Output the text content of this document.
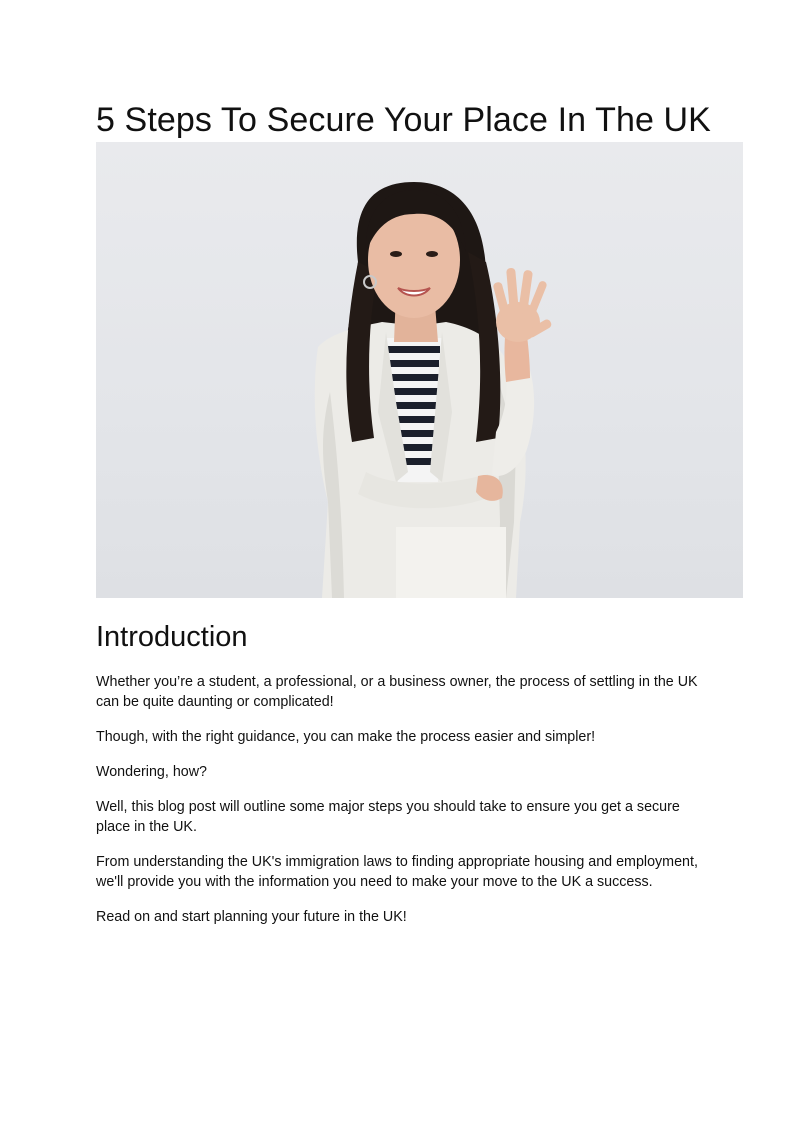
5 Steps To Secure Your Place In The UK
Introduction

Whether you’re a student, a professional, or a business owner, the process of settling in the UK can be quite daunting or complicated!

Though, with the right guidance, you can make the process easier and simpler!

Wondering, how?

Well, this blog post will outline some major steps you should take to ensure you get a secure place in the UK.

From understanding the UK's immigration laws to finding appropriate housing and employment, we'll provide you with the information you need to make your move to the UK a success.

Read on and start planning your future in the UK!
